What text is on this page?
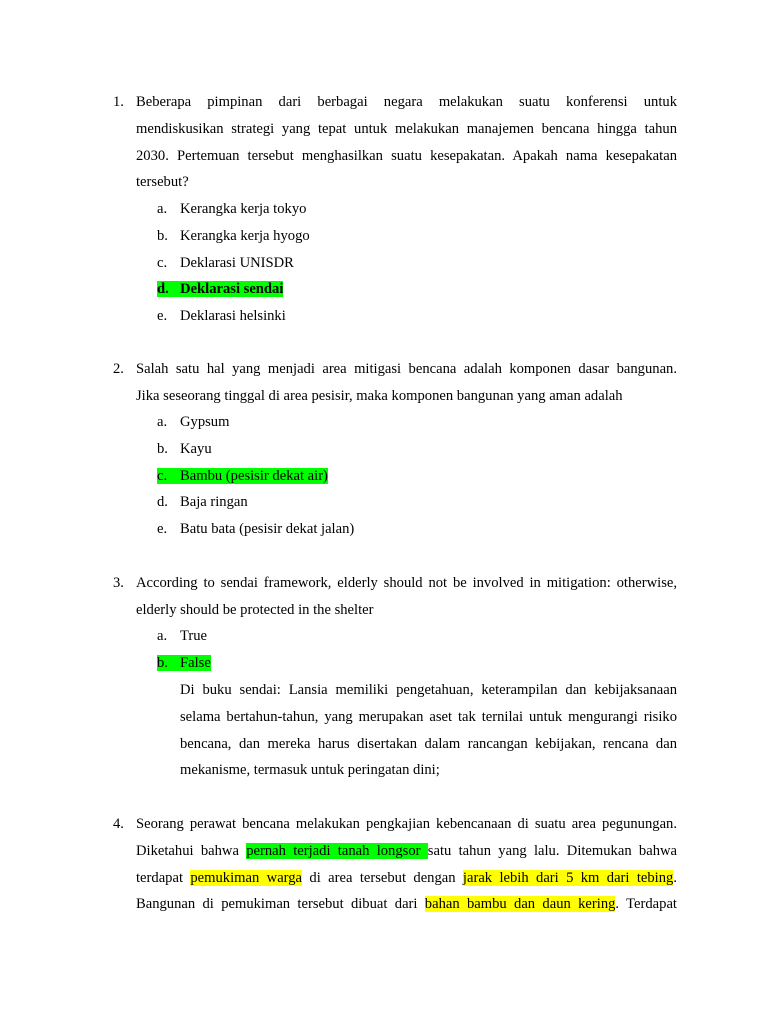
1. Beberapa pimpinan dari berbagai negara melakukan suatu konferensi untuk
mendiskusikan strategi yang tepat untuk melakukan manajemen bencana hingga tahun
2030. Pertemuan tersebut menghasilkan suatu kesepakatan. Apakah nama kesepakatan
tersebut?
a. Kerangka kerja tokyo
b. Kerangka kerja hyogo
c. Deklarasi UNISDR
d. Deklarasi sendai
e. Deklarasi helsinki
2. Salah satu hal yang menjadi area mitigasi bencana adalah komponen dasar bangunan.
Jika seseorang tinggal di area pesisir, maka komponen bangunan yang aman adalah
a. Gypsum
b. Kayu
c. Bambu (pesisir dekat air)
d. Baja ringan
e. Batu bata (pesisir dekat jalan)
3. According to sendai framework, elderly should not be involved in mitigation: otherwise,
elderly should be protected in the shelter
a. True
b. False
Di buku sendai: Lansia memiliki pengetahuan, keterampilan dan kebijaksanaan
selama bertahun-tahun, yang merupakan aset tak ternilai untuk mengurangi risiko
bencana, dan mereka harus disertakan dalam rancangan kebijakan, rencana dan
mekanisme, termasuk untuk peringatan dini;
4. Seorang perawat bencana melakukan pengkajian kebencanaan di suatu area pegunungan.
Diketahui bahwa pernah terjadi tanah longsor satu tahun yang lalu. Ditemukan bahwa
terdapat pemukiman warga di area tersebut dengan jarak lebih dari 5 km dari tebing.
Bangunan di pemukiman tersebut dibuat dari bahan bambu dan daun kering. Terdapat
